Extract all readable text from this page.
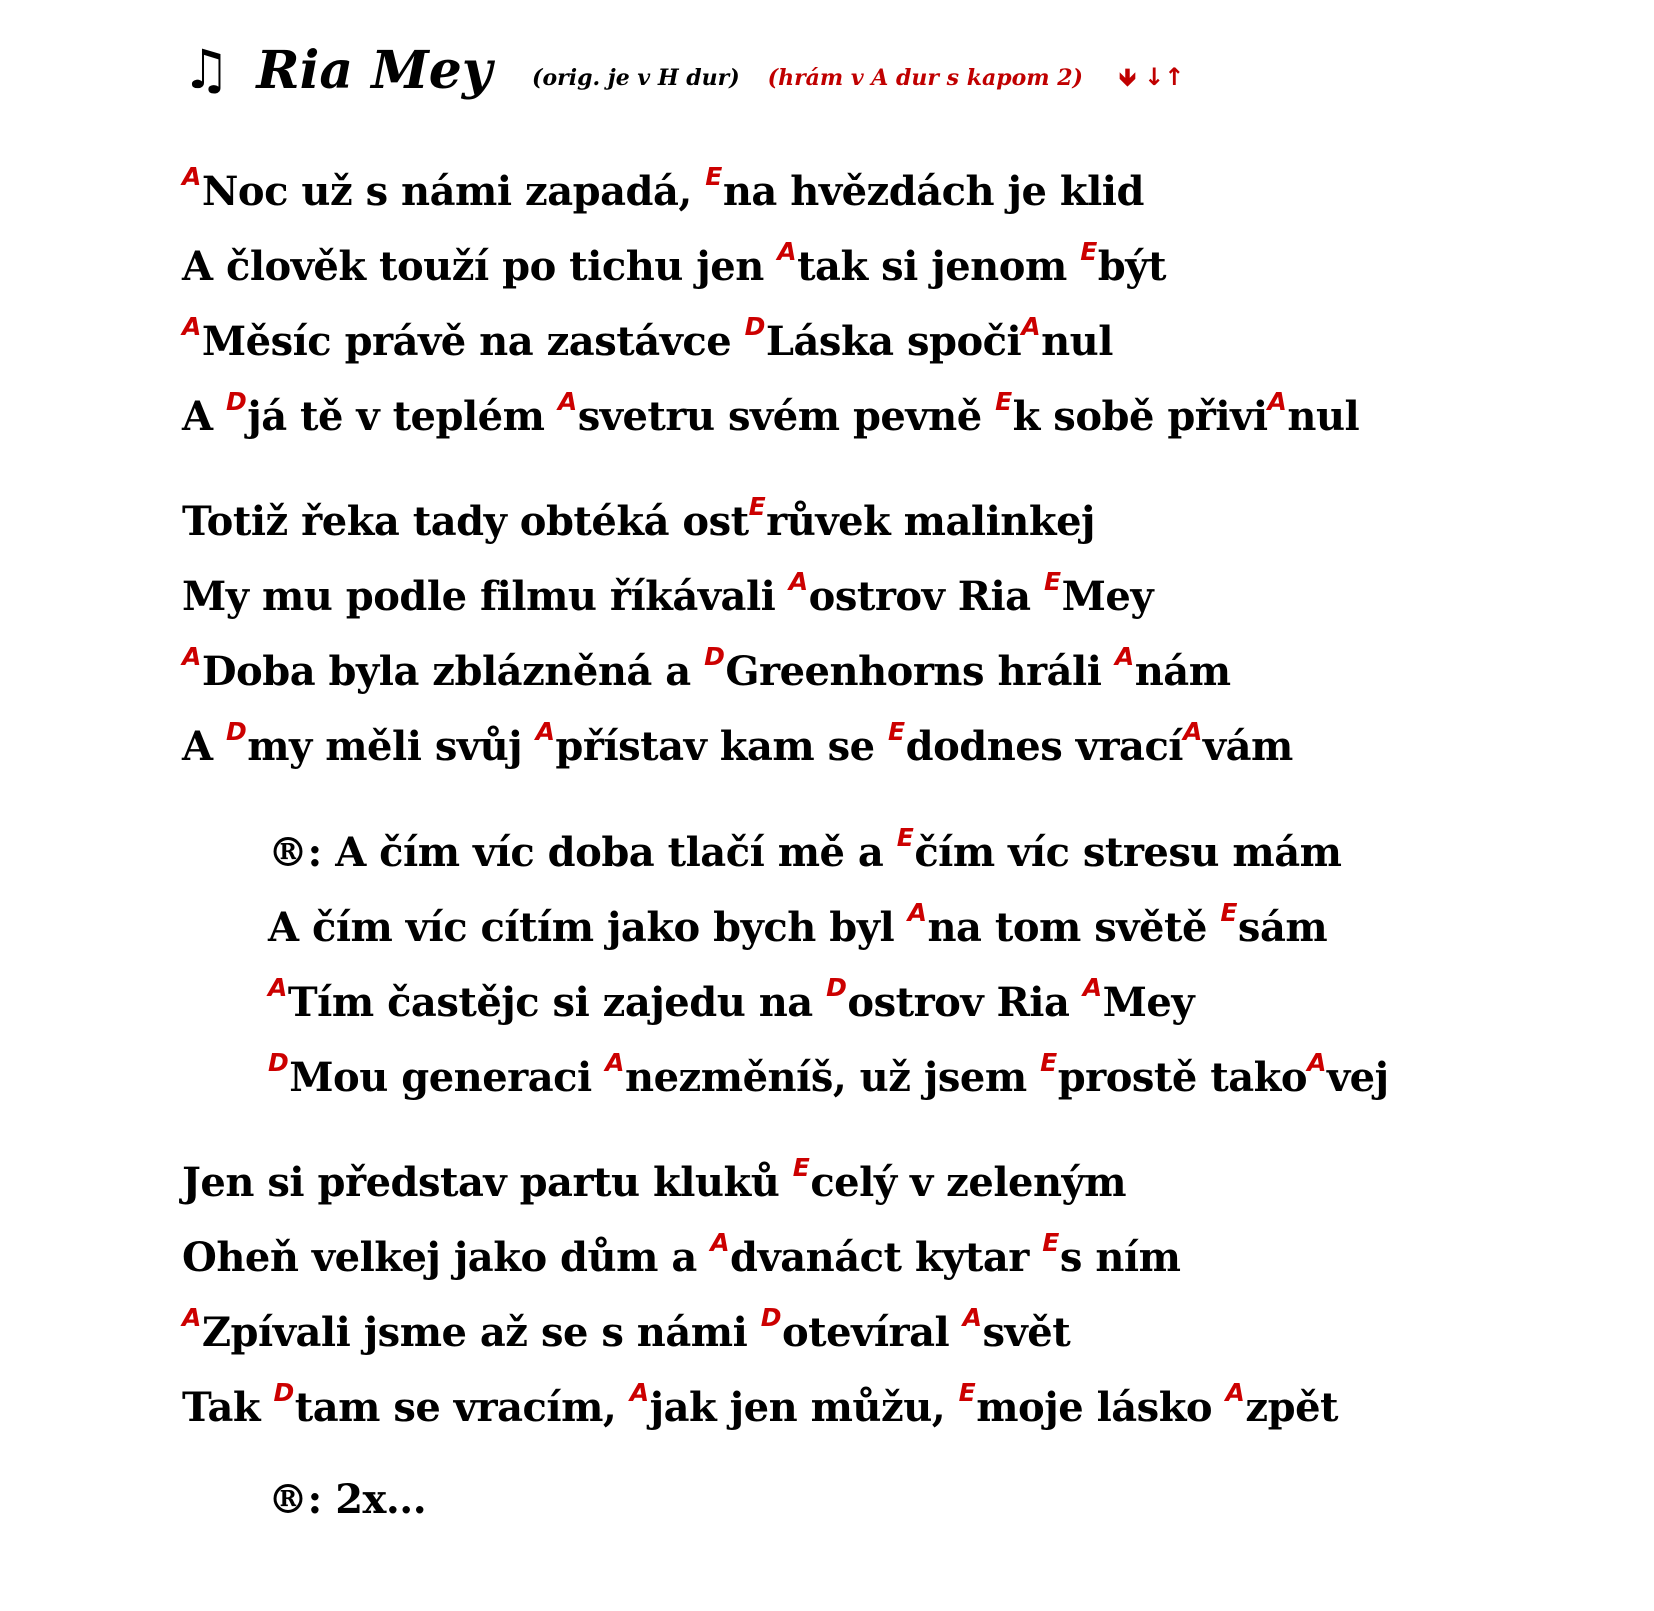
♫ Ria Mey (orig. je v H dur) (hrám v A dur s kapom 2) 🡻 ↓↑
$^A$Noc už s námi zapadá, $^E$na hvězdách je klid
A člověk touží po tichu jen $^A$tak si jenom $^E$být
$^A$Měsíc právě na zastávce $^D$Láska spoči$^A$nul
A $^D$já tě v teplém $^A$svetru svém pevně $^E$k sobě přivi$^A$nul
Totiž řeka tady obtéká ost$^E$růvek malinkej
My mu podle filmu říkávali $^A$ostrov Ria $^E$Mey
$^A$Doba byla zblázněná a $^D$Greenhorns hráli $^A$nám
A $^D$my měli svůj $^A$přístav kam se $^E$dodnes vrací$^A$vám
®: A čím víc doba tlačí mě a $^E$čím víc stresu mám
A čím víc cítím jako bych byl $^A$na tom světě $^E$sám
$^A$Tím častějc si zajedu na $^D$ostrov Ria $^A$Mey
$^D$Mou generaci $^A$nezměníš, už jsem $^E$prostě tako$^A$vej
Jen si představ partu kluků $^E$celý v zeleným
Oheň velkej jako dům a $^A$dvanáct kytar $^E$s ním
$^A$Zpívali jsme až se s námi $^D$otevíral $^A$svět
Tak $^D$tam se vracím, $^A$jak jen můžu, $^E$moje lásko $^A$zpět
®: 2x...
